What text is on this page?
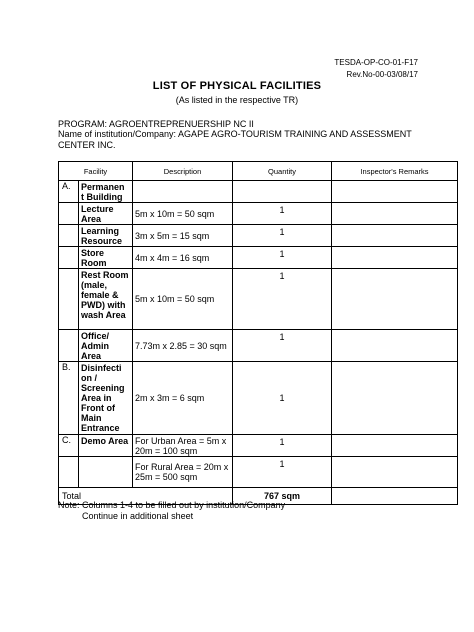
TESDA-OP-CO-01-F17
Rev.No-00-03/08/17
LIST OF PHYSICAL FACILITIES
(As listed in the respective TR)
PROGRAM: AGROENTREPRENUERSHIP NC II
Name of institution/Company: AGAPE AGRO-TOURISM TRAINING AND ASSESSMENT CENTER INC.
Facility		Description	Quantity	Inspector's Remarks
A.	Permanen t Building			
	Lecture Area	5m x 10m = 50 sqm	1	
	Learning Resource	3m x 5m = 15 sqm	1	
	Store Room	4m x 4m = 16 sqm	1	
	Rest Room (male, female & PWD) with wash Area	5m x 10m = 50 sqm	1	
	Office/ Admin Area	7.73m x 2.85 = 30 sqm	1	
B.	Disinfecti on / Screening Area in Front of Main Entrance	2m x 3m = 6 sqm	1	
C.	Demo Area	For Urban Area = 5m x 20m = 100 sqm	1	
		For Rural Area = 20m x 25m = 500 sqm	1	
Total			767 sqm	
Note: Columns 1-4 to be filled out by institution/Company
Continue in additional sheet
